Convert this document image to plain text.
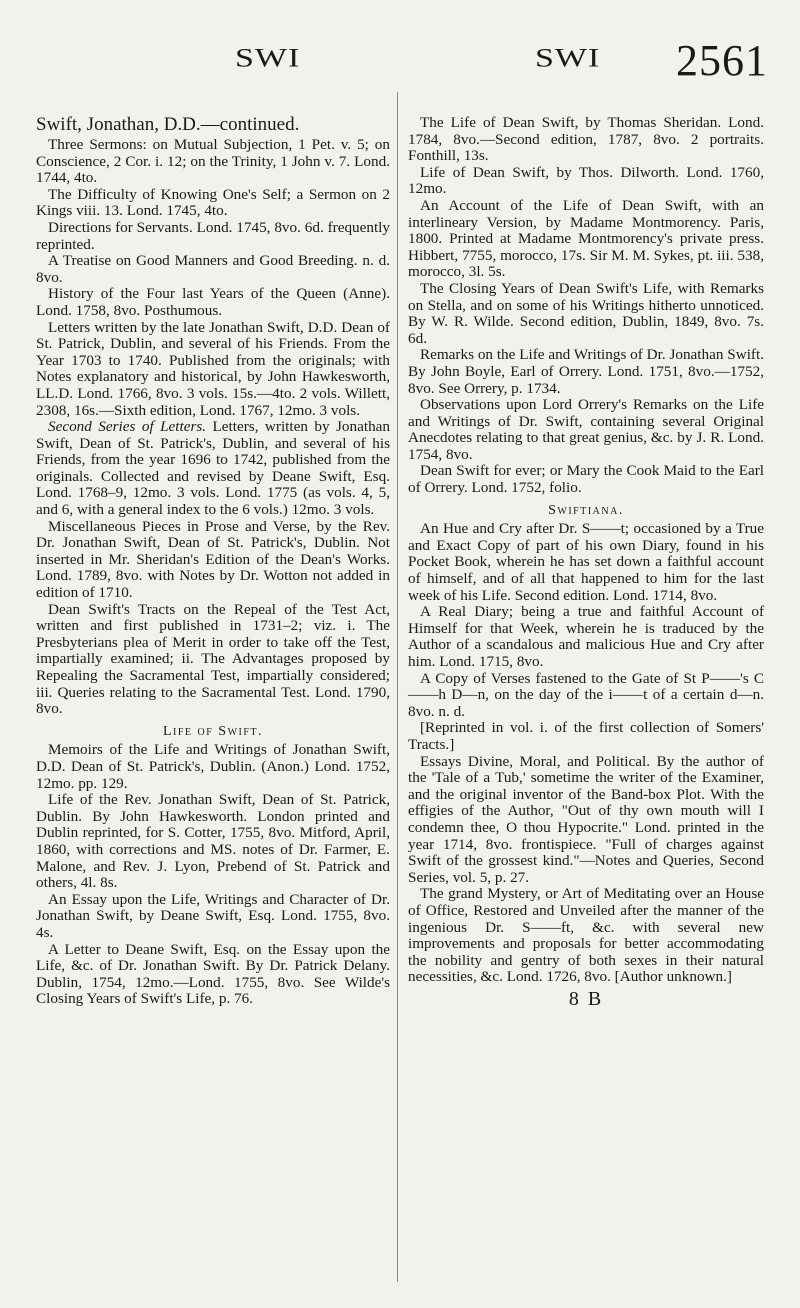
SWI	SWI 2561

Swift, Jonathan, D.D.—continued.

Three Sermons: on Mutual Subjection, 1 Pet. v. 5; on Conscience, 2 Cor. i. 12; on the Trinity, 1 John v. 7. Lond. 1744, 4to.

The Difficulty of Knowing One's Self; a Sermon on 2 Kings viii. 13. Lond. 1745, 4to.

Directions for Servants. Lond. 1745, 8vo. 6d. frequently reprinted.

A Treatise on Good Manners and Good Breeding. n. d. 8vo.

History of the Four last Years of the Queen (Anne). Lond. 1758, 8vo. Posthumous.

Letters written by the late Jonathan Swift, D.D. Dean of St. Patrick, Dublin, and several of his Friends. From the Year 1703 to 1740. Published from the originals; with Notes explanatory and historical, by John Hawkesworth, LL.D. Lond. 1766, 8vo. 3 vols. 15s.—4to. 2 vols. Willett, 2308, 16s.—Sixth edition, Lond. 1767, 12mo. 3 vols.

Second Series of Letters. Letters, written by Jonathan Swift, Dean of St. Patrick's, Dublin, and several of his Friends, from the year 1696 to 1742, published from the originals. Collected and revised by Deane Swift, Esq. Lond. 1768–9, 12mo. 3 vols. Lond. 1775 (as vols. 4, 5, and 6, with a general index to the 6 vols.) 12mo. 3 vols.

Miscellaneous Pieces in Prose and Verse, by the Rev. Dr. Jonathan Swift, Dean of St. Patrick's, Dublin. Not inserted in Mr. Sheridan's Edition of the Dean's Works. Lond. 1789, 8vo. with Notes by Dr. Wotton not added in edition of 1710.

Dean Swift's Tracts on the Repeal of the Test Act, written and first published in 1731–2; viz. i. The Presbyterians plea of Merit in order to take off the Test, impartially examined; ii. The Advantages proposed by Repealing the Sacramental Test, impartially considered; iii. Queries relating to the Sacramental Test. Lond. 1790, 8vo.

Life of Swift.

Memoirs of the Life and Writings of Jonathan Swift, D.D. Dean of St. Patrick's, Dublin. (Anon.) Lond. 1752, 12mo. pp. 129.

Life of the Rev. Jonathan Swift, Dean of St. Patrick, Dublin. By John Hawkesworth. London printed and Dublin reprinted, for S. Cotter, 1755, 8vo. Mitford, April, 1860, with corrections and MS. notes of Dr. Farmer, E. Malone, and Rev. J. Lyon, Prebend of St. Patrick and others, 4l. 8s.

An Essay upon the Life, Writings and Character of Dr. Jonathan Swift, by Deane Swift, Esq. Lond. 1755, 8vo. 4s.

A Letter to Deane Swift, Esq. on the Essay upon the Life, &c. of Dr. Jonathan Swift. By Dr. Patrick Delany. Dublin, 1754, 12mo.—Lond. 1755, 8vo. See Wilde's Closing Years of Swift's Life, p. 76.

The Life of Dean Swift, by Thomas Sheridan. Lond. 1784, 8vo.—Second edition, 1787, 8vo. 2 portraits. Fonthill, 13s.

Life of Dean Swift, by Thos. Dilworth. Lond. 1760, 12mo.

An Account of the Life of Dean Swift, with an interlineary Version, by Madame Montmorency. Paris, 1800. Printed at Madame Montmorency's private press. Hibbert, 7755, morocco, 17s. Sir M. M. Sykes, pt. iii. 538, morocco, 3l. 5s.

The Closing Years of Dean Swift's Life, with Remarks on Stella, and on some of his Writings hitherto unnoticed. By W. R. Wilde. Second edition, Dublin, 1849, 8vo. 7s. 6d.

Remarks on the Life and Writings of Dr. Jonathan Swift. By John Boyle, Earl of Orrery. Lond. 1751, 8vo.—1752, 8vo. See Orrery, p. 1734.

Observations upon Lord Orrery's Remarks on the Life and Writings of Dr. Swift, containing several Original Anecdotes relating to that great genius, &c. by J. R. Lond. 1754, 8vo.

Dean Swift for ever; or Mary the Cook Maid to the Earl of Orrery. Lond. 1752, folio.

Swiftiana.

An Hue and Cry after Dr. S——t; occasioned by a True and Exact Copy of part of his own Diary, found in his Pocket Book, wherein he has set down a faithful account of himself, and of all that happened to him for the last week of his Life. Second edition. Lond. 1714, 8vo.

A Real Diary; being a true and faithful Account of Himself for that Week, wherein he is traduced by the Author of a scandalous and malicious Hue and Cry after him. Lond. 1715, 8vo.

A Copy of Verses fastened to the Gate of St P——'s C——h D—n, on the day of the i——t of a certain d—n. 8vo. n. d.

[Reprinted in vol. i. of the first collection of Somers' Tracts.]

Essays Divine, Moral, and Political. By the author of the 'Tale of a Tub,' sometime the writer of the Examiner, and the original inventor of the Band-box Plot. With the effigies of the Author, "Out of thy own mouth will I condemn thee, O thou Hypocrite." Lond. printed in the year 1714, 8vo. frontispiece. "Full of charges against Swift of the grossest kind."—Notes and Queries, Second Series, vol. 5, p. 27.

The grand Mystery, or Art of Meditating over an House of Office, Restored and Unveiled after the manner of the ingenious Dr. S——ft, &c. with several new improvements and proposals for better accommodating the nobility and gentry of both sexes in their natural necessities, &c. Lond. 1726, 8vo. [Author unknown.]

8 B
